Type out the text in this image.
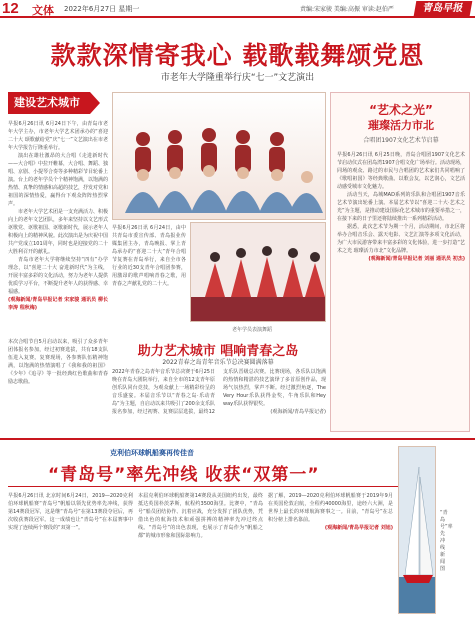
12 文体 2022年6月27日 星期一	责编:宋家骏 美编:高振 审读:赵伯严	青岛早报
款款深情寄我心 载歌载舞颂党恩
市老年大学隆重举行庆“七一”文艺演出
建设艺术城市

早报6月26日讯 6月24日下午，由青岛市老年大学主办，市老年大学艺术团承办的“喜迎二十大 颂歌献给党”庆“七一”文艺演出在市老年大学报告厅隆重举行。

演出在雄壮激昂的大合唱《走进新时代——大合唱》中拉开帷幕，大合唱、舞蹈、独唱、京剧、小提琴合奏等多种精彩节目轮番上演。台上的老年学员个个精神饱满，以饱满的热情、真挚的情感和高超的技艺，抒发对党和祖国的深情热爱，赢得台下观众阵阵热烈掌声。

市老年大学艺术团是一支充满活力、积极向上的老年文艺团队，多年来坚持以文艺形式讴歌党、讴歌祖国、讴歌新时代，展示老年人积极向上的精神风貌。此次演出是为庆祝中国共产党成立101周年，同时也是迎接党的二十大胜利召开的献礼。

青岛市老年大学将继续坚持“四有”办学理念，以“喜迎二十大 奋进新时代”为主线，开展丰富多彩的文化活动，努力为老年人提供优质学习平台，不断提升老年人的获得感、幸福感。

(观海新闻/青岛早报记者 宋家骏 通讯员 柳长 李涛 程秋梅)

老年学员表演舞蹈

早报6月26日讯 6月24日，由中共青岛市委宣传部、青岛报业传媒集团主办，青岛晚报、掌上青岛承办的“喜迎二十大”青年合唱节复赛在青岛举行，来自全市各行业的近30支青年合唱团参赛，用激昂的歌声唱响青春之歌，用青春之声献礼党的二十大。

助力艺术城市 唱响青春之岛
2022青春之岛青年音乐节总决赛圆满落幕

本次合唱节自5月启动以来，吸引了众多青年团体报名参加，经过初赛选拔，共有18支队伍进入复赛。复赛现场，各参赛队伍精神饱满，以饱满的热情演唱了《我和我的祖国》《少年》《追寻》等一批经典红色歌曲和青春励志歌曲。

2022年青春之岛青年音乐节总决赛于6月25日晚在青岛大剧院举行，来自全市的12支青年原创乐队同台竞技，为观众献上一场精彩纷呈的音乐盛宴。本届音乐节以“青春之岛·乐动青岛”为主题，自启动以来共吸引了200余支乐队报名参加，经过初赛、复赛层层选拔，最终12支乐队晋级总决赛。比赛现场，各乐队以饱满的热情和精湛的技艺演绎了多首原创作品，现场气氛热烈，掌声不断。经过激烈角逐，The Very Hour乐队获得金奖，牛角乐队和Hey way乐队获得银奖。

(观海新闻/青岛早报记者)

“艺术之光”
璀璨活力市北
合唱团1907文化艺术节启幕

早报6月26日讯 6月25日晚，青岛合唱团1907文化艺术节启动仪式在团岛湾1907合唱文化广场举行。活动现场，同场的观众、路过的市民与合唱团的艺术家们共同唱响了《歌唱祖国》等经典歌曲。以歌会友，以艺润心，文艺活动感受城市文化魅力。

活动当天，岛城MAD系列的乐队和合唱团1907音乐艺术节演出轮番上演。本届艺术节以“喜迎二十大·艺术之光”为主题，是推动建设国际化艺术城市的重要举措之一，在接下来的日子里还将陆续推出一系列精彩活动。

据悉，此次艺术节为期一个月，活动期间，市北区将举办合唱音乐会、露天电影、文艺汇演等多项文化活动，为广大市民游客带来丰富多彩的文化体验，进一步打造“艺术之光 璀璨活力市北”文化品牌。

(观海新闻/青岛早报记者 刘丽 通讯员 初杰)

克利伯环球帆船赛再传佳音
“青岛号”率先冲线 收获“双第一”

早报6月26日讯 北京时间6月24日，2019—2020克利伯环球帆船赛“青岛号”帆船以领先优势率先冲线，获得第14赛段冠军，这是继“青岛号”在第13赛段夺冠后，再次收获赛段冠军。这一成绩也让“青岛号”在本届赛事中实现了连续两个赛段的“双第一”。

本届克利伯环球帆船赛第14赛段从美国纽约出发，最终抵达英国朴茨茅斯，航程约3500海里。比赛中，“青岛号”船员团结协作、沉着应战，充分发挥了团队优势，凭借出色的航海技术和顽强拼搏的精神率先冲过终点线。“青岛号”的出色表现，也展示了青岛作为“帆船之都”的城市形象和国际影响力。

据了解，2019—2020克利伯环球帆船赛于2019年9月在英国伦敦启航，全程约40000海里，途经六大洲，是世界上最长的环球航海赛事之一。目前，“青岛号”在总积分榜上排名靠前。

(观海新闻/青岛早报记者 刘旭)

“青岛号”率先冲线 新闻图
